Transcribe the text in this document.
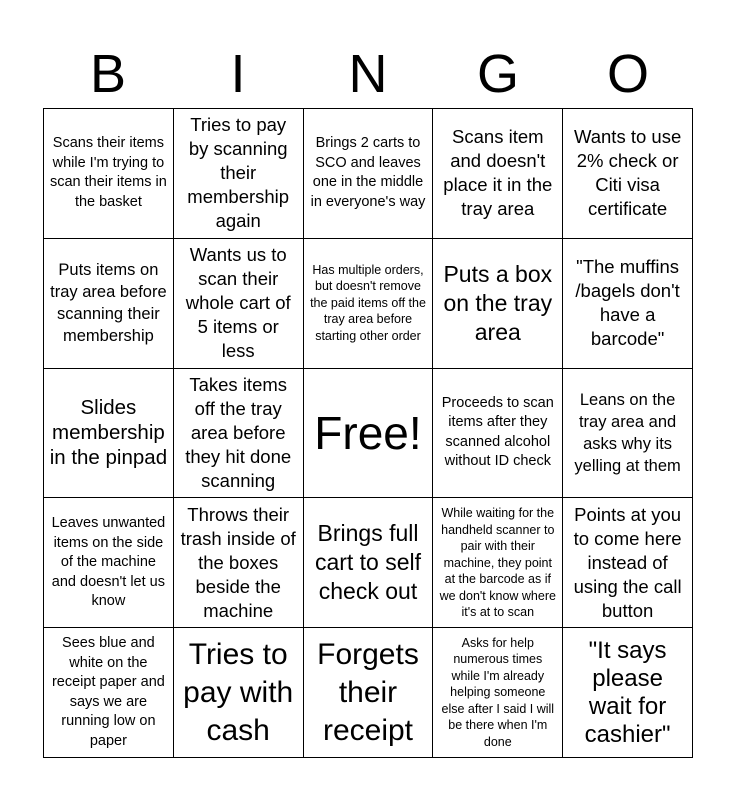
B	I	N	G	O
Scans their items while I'm trying to scan their items in the basket
Tries to pay by scanning their membership again
Brings 2 carts to SCO and leaves one in the middle in everyone's way
Scans item and doesn't place it in the tray area
Wants to use 2% check or Citi visa certificate
Puts items on tray area before scanning their membership
Wants us to scan their whole cart of 5 items or less
Has multiple orders, but doesn't remove the paid items off the tray area before starting other order
Puts a box on the tray area
"The muffins /bagels don't have a barcode"
Slides membership in the pinpad
Takes items off the tray area before they hit done scanning
Free!
Proceeds to scan items after they scanned alcohol without ID check
Leans on the tray area and asks why its yelling at them
Leaves unwanted items on the side of the machine and doesn't let us know
Throws their trash inside of the boxes beside the machine
Brings full cart to self check out
While waiting for the handheld scanner to pair with their machine, they point at the barcode as if we don't know where it's at to scan
Points at you to come here instead of using the call button
Sees blue and white on the receipt paper and says we are running low on paper
Tries to pay with cash
Forgets their receipt
Asks for help numerous times while I'm already helping someone else after I said I will be there when I'm done
"It says please wait for cashier"
